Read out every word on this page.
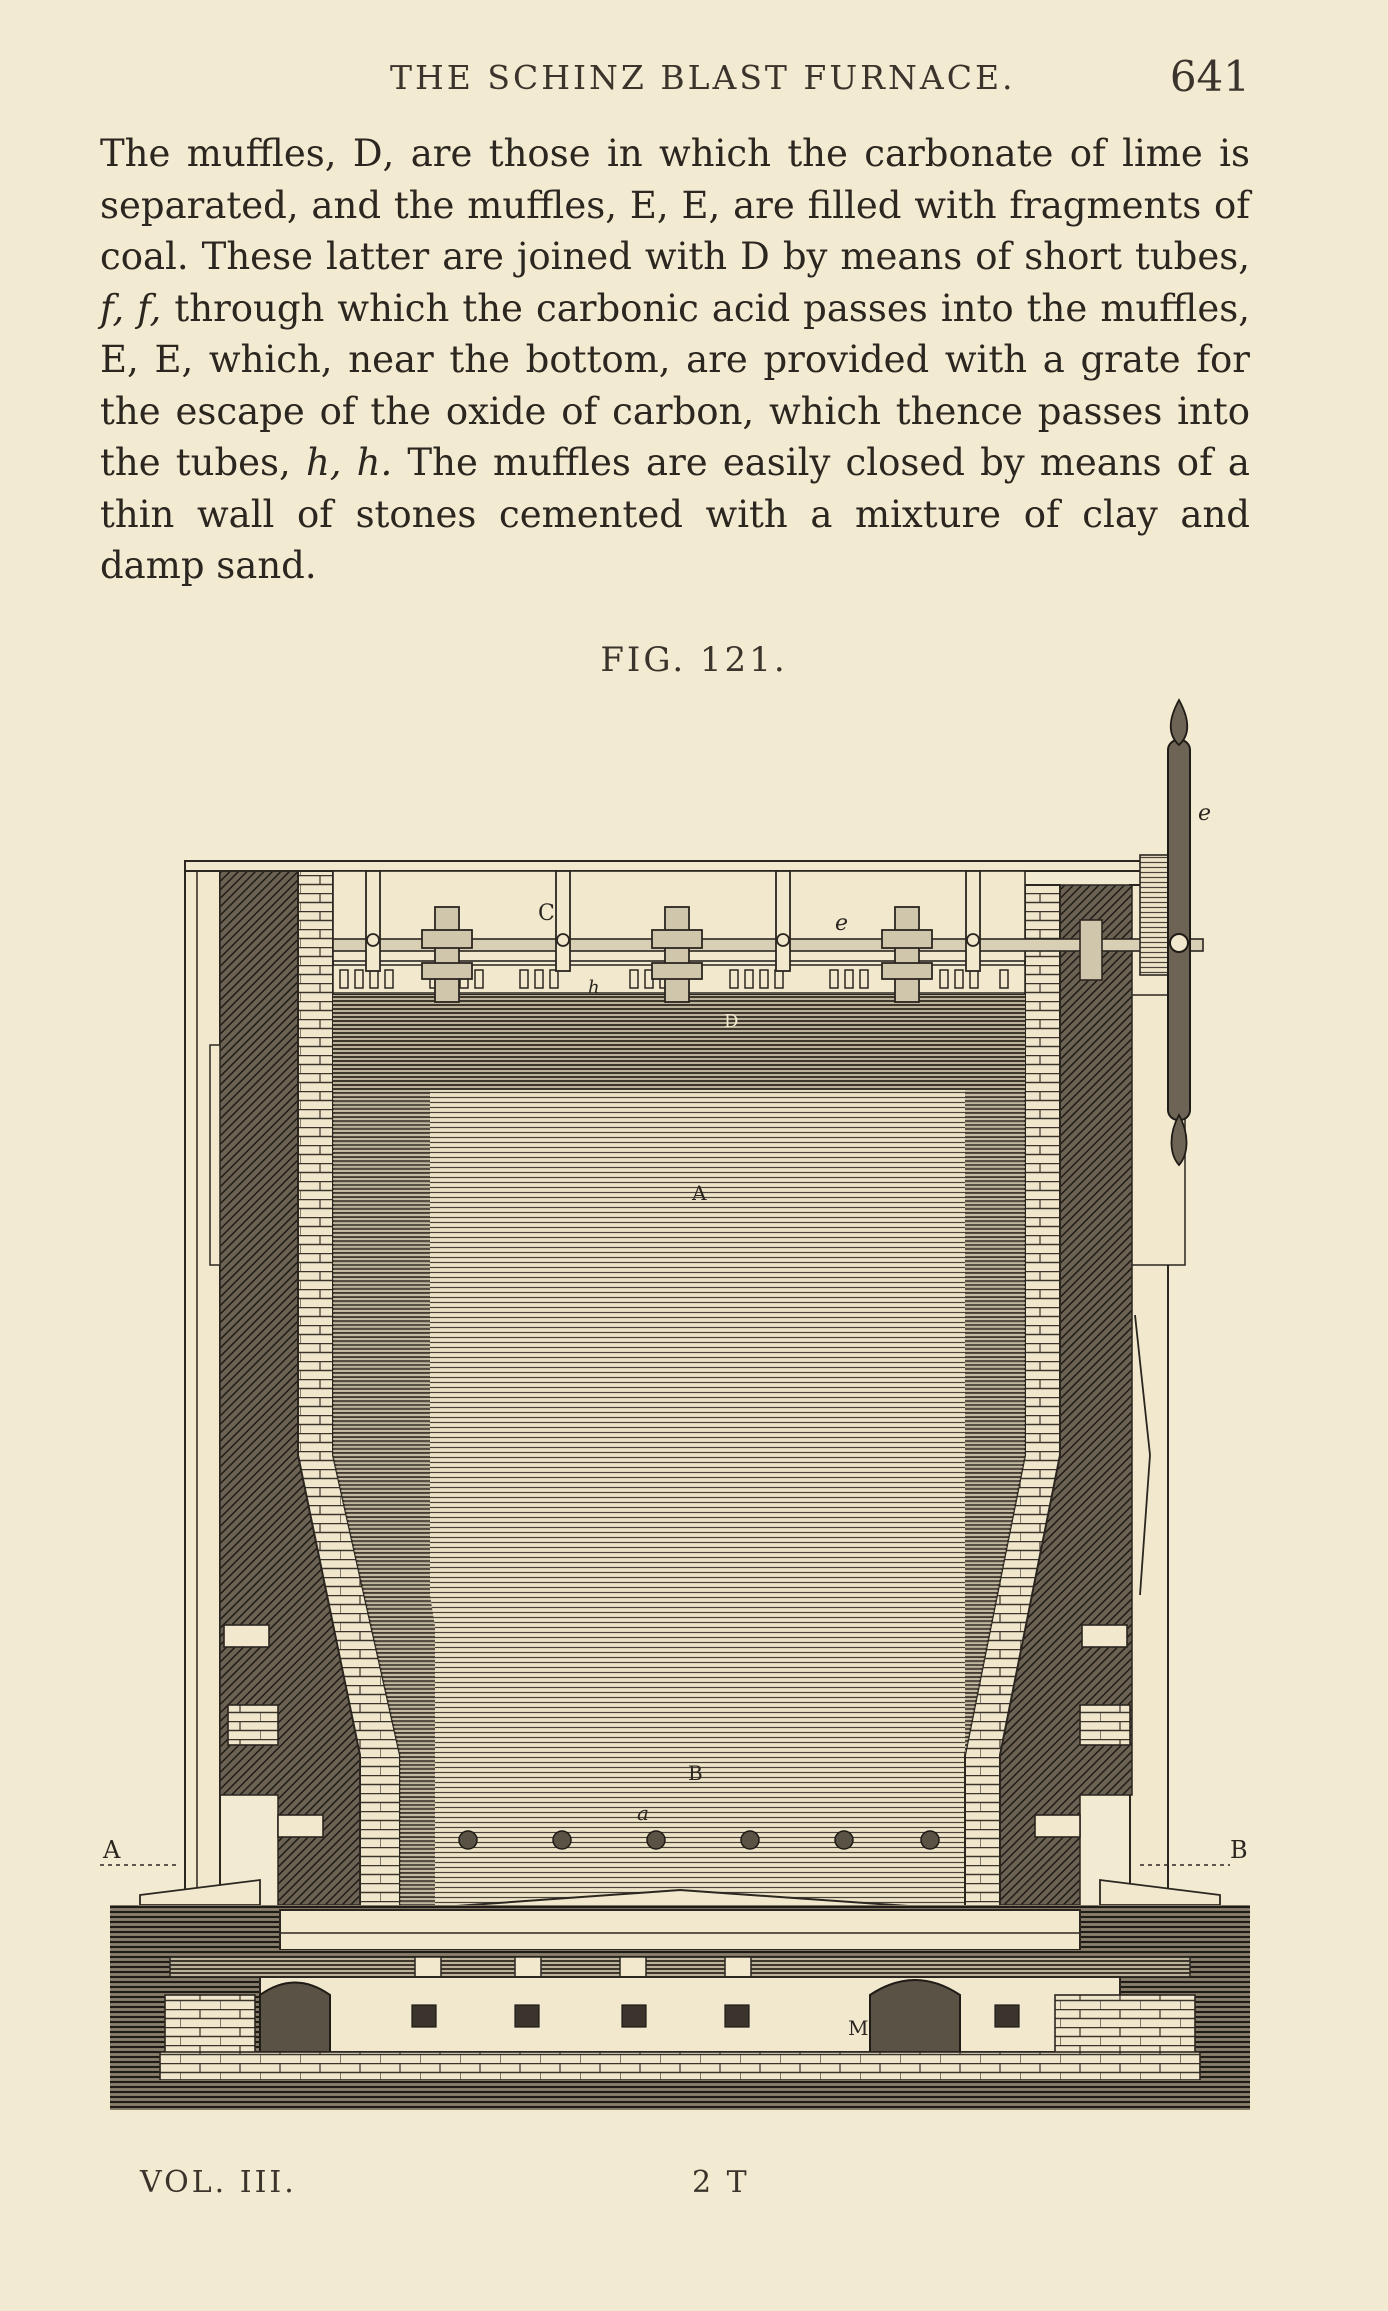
THE SCHINZ BLAST FURNACE.	641

The muffles, D, are those in which the carbonate of lime is separated, and the muffles, E, E, are filled with fragments of coal. These latter are joined with D by means of short tubes, f, f, through which the carbonic acid passes into the muffles, E, E, which, near the bottom, are provided with a grate for the escape of the oxide of carbon, which thence passes into the tubes, h, h. The muffles are easily closed by means of a thin wall of stones cemented with a mixture of clay and damp sand.

FIG. 121.
C	e
e
h
D
A
B
a
A	B
M
VOL. III.	2 T
